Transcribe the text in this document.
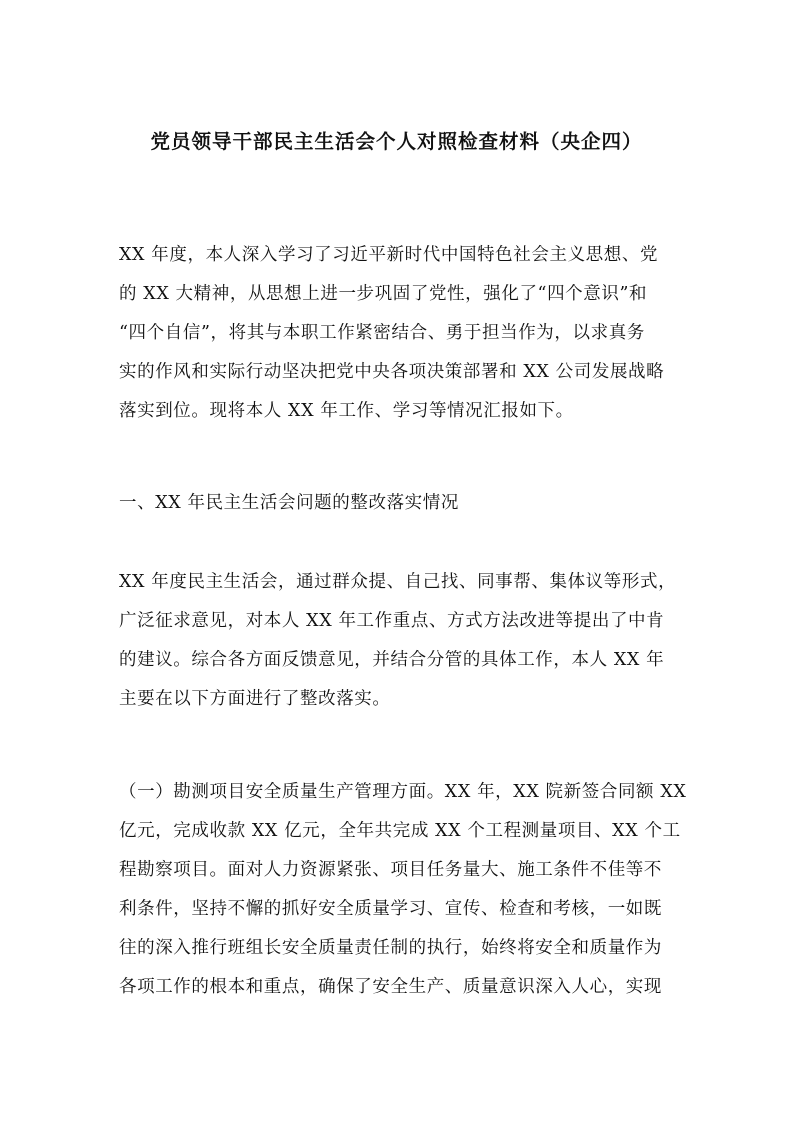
党员领导干部民主生活会个人对照检查材料（央企四）

XX 年度，本人深入学习了习近平新时代中国特色社会主义思想、党
的 XX 大精神，从思想上进一步巩固了党性，强化了“四个意识”和
“四个自信”，将其与本职工作紧密结合、勇于担当作为，以求真务
实的作风和实际行动坚决把党中央各项决策部署和 XX 公司发展战略
落实到位。现将本人 XX 年工作、学习等情况汇报如下。

一、XX 年民主生活会问题的整改落实情况

XX 年度民主生活会，通过群众提、自己找、同事帮、集体议等形式，
广泛征求意见，对本人 XX 年工作重点、方式方法改进等提出了中肯
的建议。综合各方面反馈意见，并结合分管的具体工作，本人 XX 年
主要在以下方面进行了整改落实。

（一）勘测项目安全质量生产管理方面。XX 年，XX 院新签合同额 XX
亿元，完成收款 XX 亿元，全年共完成 XX 个工程测量项目、XX 个工
程勘察项目。面对人力资源紧张、项目任务量大、施工条件不佳等不
利条件，坚持不懈的抓好安全质量学习、宣传、检查和考核，一如既
往的深入推行班组长安全质量责任制的执行，始终将安全和质量作为
各项工作的根本和重点，确保了安全生产、质量意识深入人心，实现
